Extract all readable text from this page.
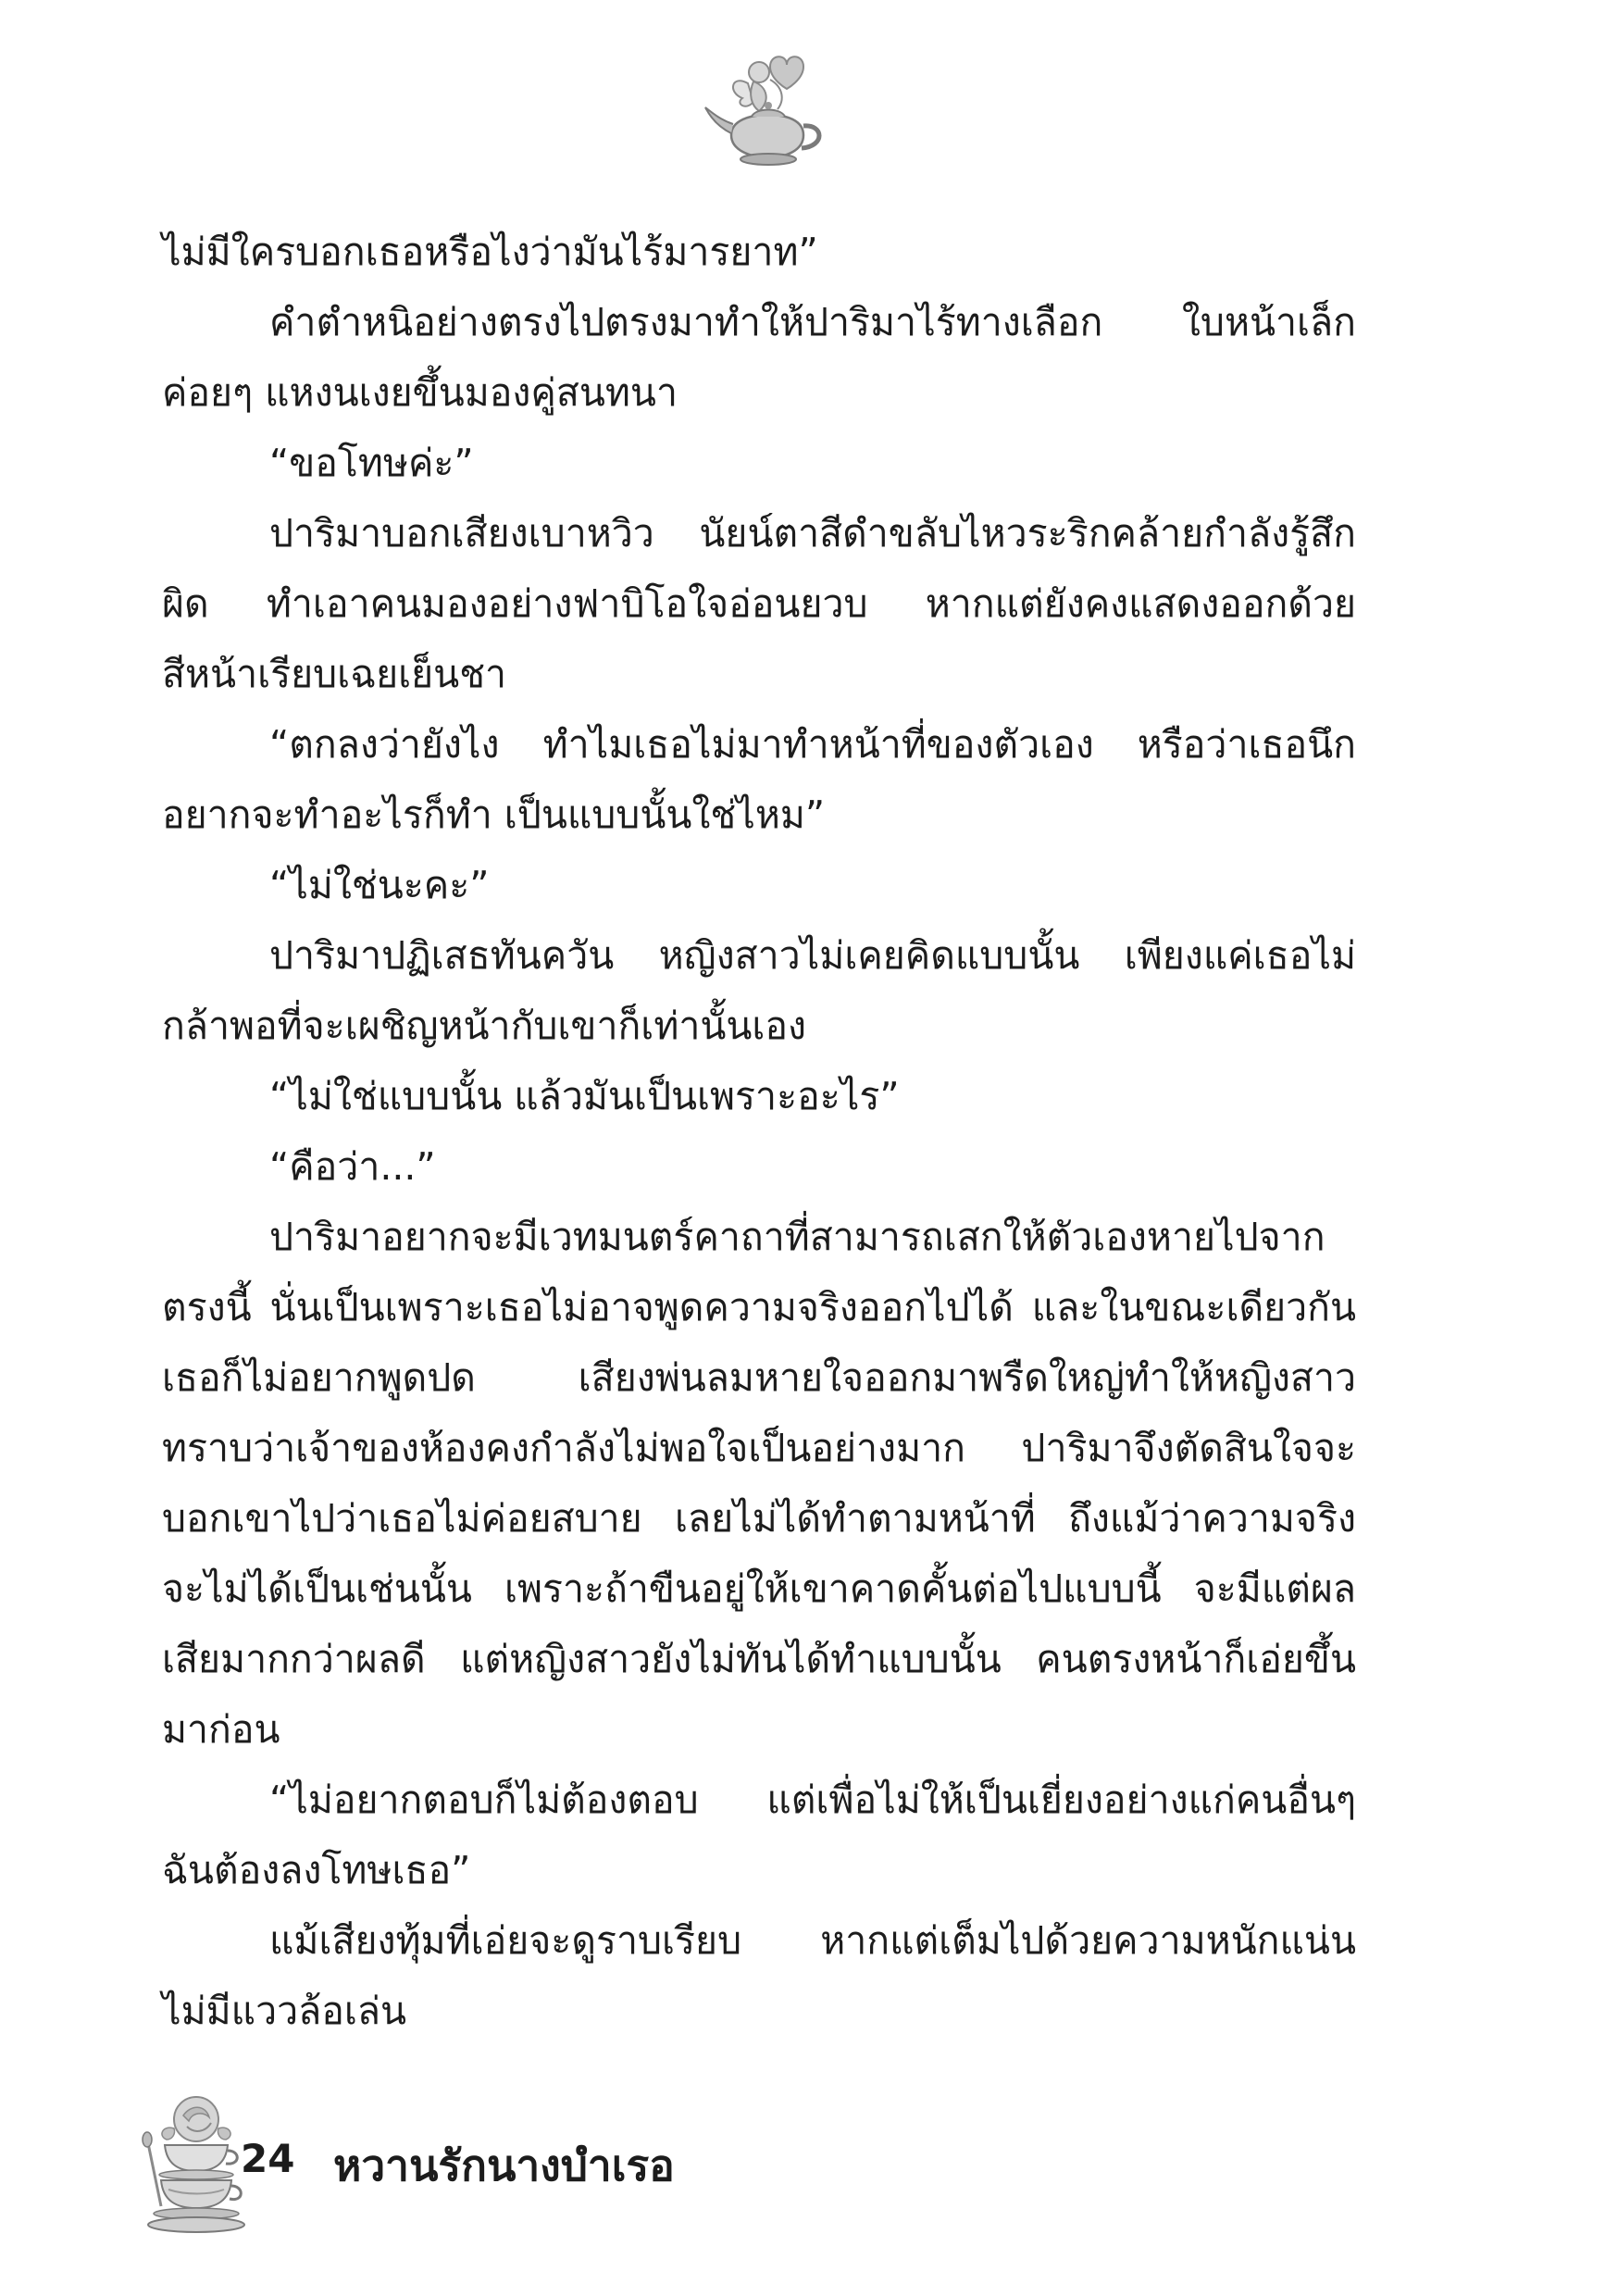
ไม่มีใครบอกเธอหรือไงว่ามันไร้มารยาท”

คำตำหนิอย่างตรงไปตรงมาทำให้ปาริมาไร้ทางเลือก ใบหน้าเล็กค่อยๆ แหงนเงยขึ้นมองคู่สนทนา

“ขอโทษค่ะ”

ปาริมาบอกเสียงเบาหวิว นัยน์ตาสีดำขลับไหวระริกคล้ายกำลังรู้สึกผิด ทำเอาคนมองอย่างฟาบิโอใจอ่อนยวบ หากแต่ยังคงแสดงออกด้วยสีหน้าเรียบเฉยเย็นชา

“ตกลงว่ายังไง ทำไมเธอไม่มาทำหน้าที่ของตัวเอง หรือว่าเธอนึกอยากจะทำอะไรก็ทำ เป็นแบบนั้นใช่ไหม”

“ไม่ใช่นะคะ”

ปาริมาปฏิเสธทันควัน หญิงสาวไม่เคยคิดแบบนั้น เพียงแค่เธอไม่กล้าพอที่จะเผชิญหน้ากับเขาก็เท่านั้นเอง

“ไม่ใช่แบบนั้น แล้วมันเป็นเพราะอะไร”

“คือว่า...”

ปาริมาอยากจะมีเวทมนตร์คาถาที่สามารถเสกให้ตัวเองหายไปจากตรงนี้ นั่นเป็นเพราะเธอไม่อาจพูดความจริงออกไปได้ และในขณะเดียวกันเธอก็ไม่อยากพูดปด เสียงพ่นลมหายใจออกมาพรืดใหญ่ทำให้หญิงสาวทราบว่าเจ้าของห้องคงกำลังไม่พอใจเป็นอย่างมาก ปาริมาจึงตัดสินใจจะบอกเขาไปว่าเธอไม่ค่อยสบาย เลยไม่ได้ทำตามหน้าที่ ถึงแม้ว่าความจริงจะไม่ได้เป็นเช่นนั้น เพราะถ้าขืนอยู่ให้เขาคาดคั้นต่อไปแบบนี้ จะมีแต่ผลเสียมากกว่าผลดี แต่หญิงสาวยังไม่ทันได้ทำแบบนั้น คนตรงหน้าก็เอ่ยขึ้นมาก่อน

“ไม่อยากตอบก็ไม่ต้องตอบ แต่เพื่อไม่ให้เป็นเยี่ยงอย่างแก่คนอื่นๆ ฉันต้องลงโทษเธอ”

แม้เสียงทุ้มที่เอ่ยจะดูราบเรียบ หากแต่เต็มไปด้วยความหนักแน่นไม่มีแววล้อเล่น

24 หวานรักนางบำเรอ
